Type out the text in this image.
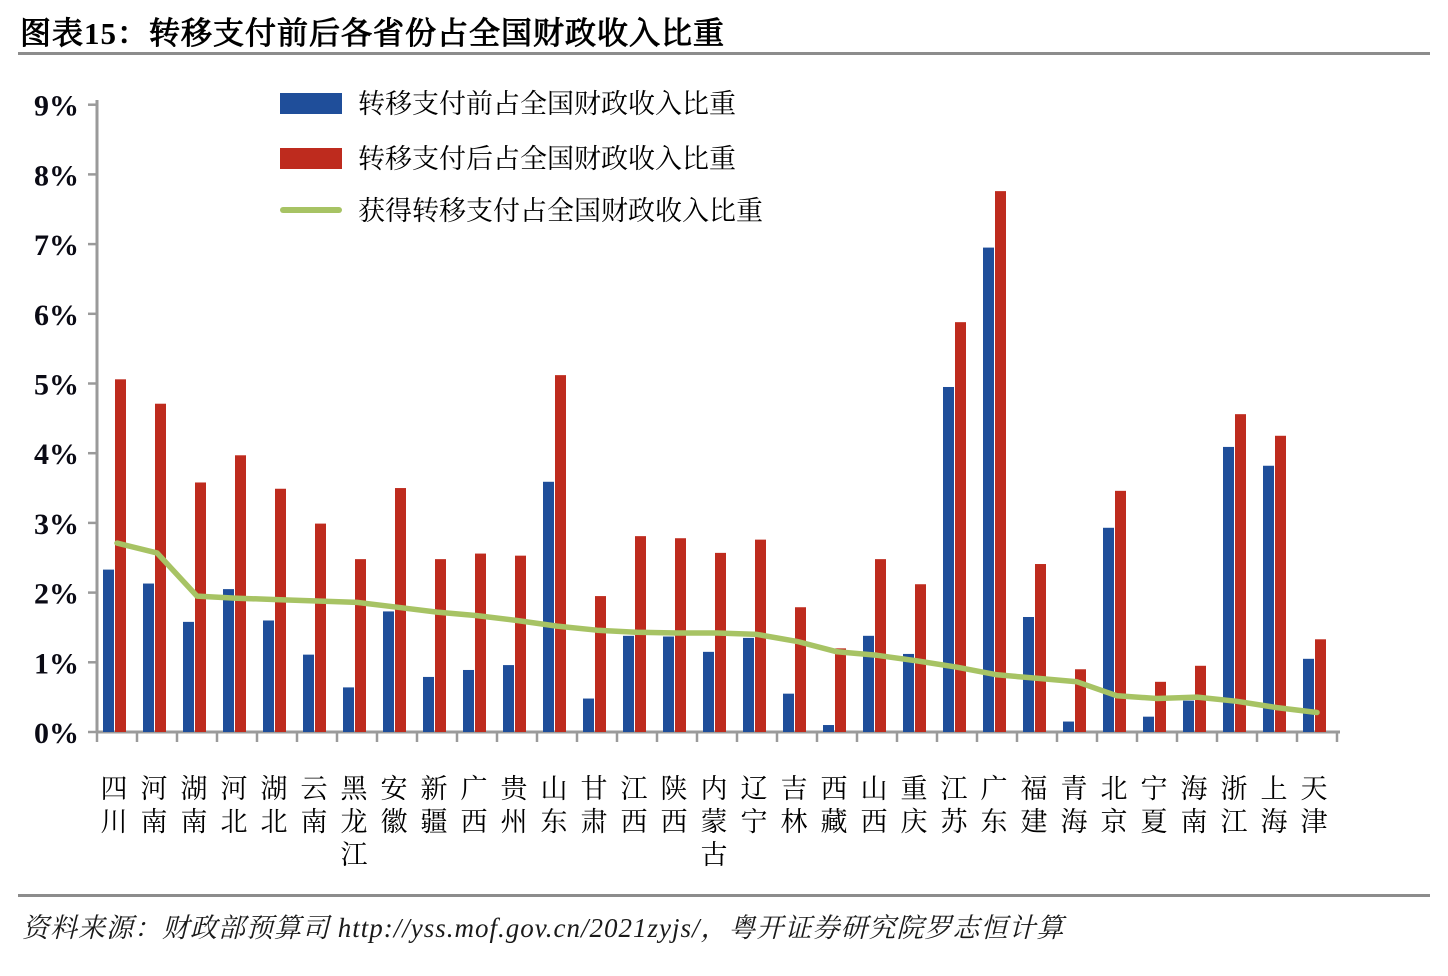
图表15：转移支付前后各省份占全国财政收入比重
0%
1%
2%
3%
4%
5%
6%
7%
8%
9%
四川
河南
湖南
河北
湖北
云南
黑龙江
安徽
新疆
广西
贵州
山东
甘肃
江西
陕西
内蒙古
辽宁
吉林
西藏
山西
重庆
江苏
广东
福建
青海
北京
宁夏
海南
浙江
上海
天津
转移支付前占全国财政收入比重
转移支付后占全国财政收入比重
获得转移支付占全国财政收入比重
资料来源：财政部预算司 http://yss.mof.gov.cn/2021zyjs/，粤开证券研究院罗志恒计算
